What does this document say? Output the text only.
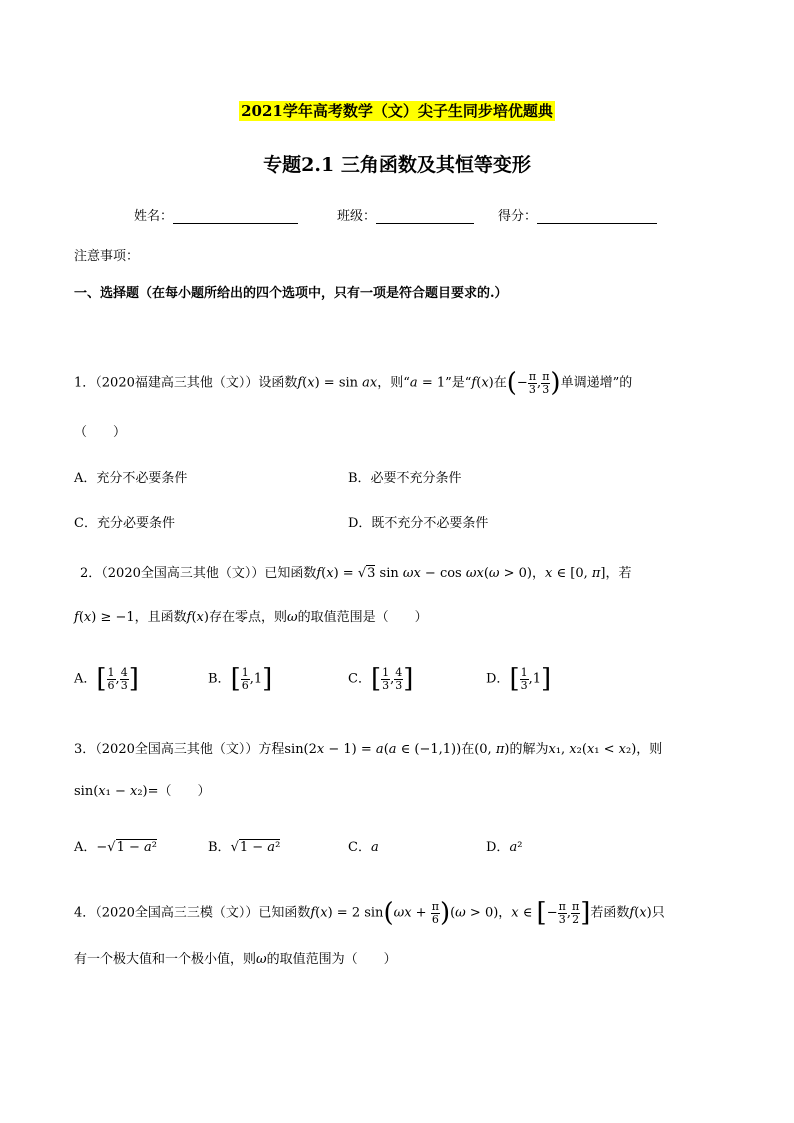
2021学年高考数学（文）尖子生同步培优题典
专题2.1 三角函数及其恒等变形
姓名：	班级：	得分：
注意事项：
一、选择题（在每小题所给出的四个选项中，只有一项是符合题目要求的.）
1．（2020福建高三其他（文））设函数f(x) = sin ax，则“a = 1”是“f(x)在(− $\frac{\pi}{3}$ , $\frac{\pi}{3}$ )单调递增”的
（　　）
A．充分不必要条件	B．必要不充分条件
C．充分必要条件	D．既不充分不必要条件
2．（2020全国高三其他（文））已知函数f(x) = √3 sin ωx − cos ωx(ω > 0)，x ∈ [0, π]，若
f(x) ≥ −1，且函数f(x)存在零点，则ω的取值范围是（　　）
A．[ $\frac{1}{6}$ , $\frac{4}{3}$ ]	B．[ $\frac{1}{6} ,1$]	C．[ $\frac{1}{3}$ , $\frac{4}{3}$ ]	D．[ $\frac{1}{3} ,1$]
3．（2020全国高三其他（文））方程sin(2x − 1) = a(a ∈ (−1,1))在(0, π)的解为x₁, x₂(x₁ < x₂)，则
sin(x₁ − x₂)=（　　）
A．−√1 − a²	B．√1 − a²	C．a	D．a²
4．（2020全国高三三模（文））已知函数f(x) = 2 $\sin(\omega x + \frac{\pi}{6} )(\omega > 0)$，x ∈ [− $\frac{\pi}{3}$ , $\frac{\pi}{2}$ ]若函数f(x)只
有一个极大值和一个极小值，则ω的取值范围为（　　）
